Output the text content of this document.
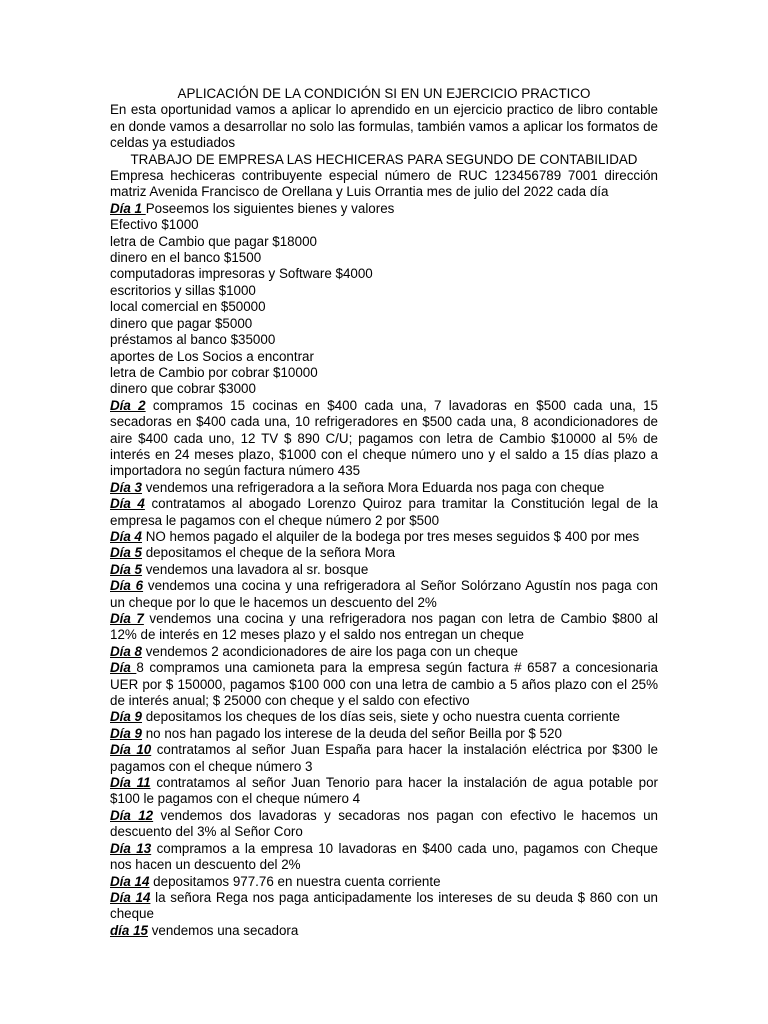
APLICACIÓN DE LA CONDICIÓN SI EN UN EJERCICIO PRACTICO

En esta oportunidad vamos a aplicar lo aprendido en un ejercicio practico de libro contable en donde vamos a desarrollar no solo las formulas, también vamos a aplicar los formatos de celdas ya estudiados

TRABAJO DE EMPRESA LAS HECHICERAS PARA SEGUNDO DE CONTABILIDAD

Empresa hechiceras contribuyente especial número de RUC 123456789 7001 dirección matriz Avenida Francisco de Orellana y Luis Orrantia mes de julio del 2022 cada día

Día 1 Poseemos los siguientes bienes y valores

Efectivo $1000

letra de Cambio que pagar $18000

dinero en el banco $1500

computadoras impresoras y Software $4000

escritorios y sillas $1000

local comercial en $50000

dinero que pagar $5000

préstamos al banco $35000

aportes de Los Socios a encontrar

letra de Cambio por cobrar $10000

dinero que cobrar $3000

Día 2 compramos 15 cocinas en $400 cada una, 7 lavadoras en $500 cada una, 15 secadoras en $400 cada una, 10 refrigeradores en $500 cada una, 8 acondicionadores de aire $400 cada uno, 12 TV $ 890 C/U; pagamos con letra de Cambio $10000 al 5% de interés en 24 meses plazo, $1000 con el cheque número uno y el saldo a 15 días plazo a importadora no según factura número 435

Día 3 vendemos una refrigeradora a la señora Mora Eduarda nos paga con cheque

Día 4 contratamos al abogado Lorenzo Quiroz para tramitar la Constitución legal de la empresa le pagamos con el cheque número 2 por $500

Día 4 NO hemos pagado el alquiler de la bodega por tres meses seguidos $ 400 por mes

Día 5 depositamos el cheque de la señora Mora

Día 5 vendemos una lavadora al sr. bosque

Día 6 vendemos una cocina y una refrigeradora al Señor Solórzano Agustín nos paga con un cheque por lo que le hacemos un descuento del 2%

Día 7 vendemos una cocina y una refrigeradora nos pagan con letra de Cambio $800 al 12% de interés en 12 meses plazo y el saldo nos entregan un cheque

Día 8 vendemos 2 acondicionadores de aire los paga con un cheque

Día 8 compramos una camioneta para la empresa según factura # 6587 a concesionaria UER por $ 150000, pagamos $100 000 con una letra de cambio a 5 años plazo con el 25% de interés anual; $ 25000 con cheque y el saldo con efectivo

Día 9 depositamos los cheques de los días seis, siete y ocho nuestra cuenta corriente

Día 9 no nos han pagado los interese de la deuda del señor Beilla por $ 520

Día 10 contratamos al señor Juan España para hacer la instalación eléctrica por $300 le pagamos con el cheque número 3

Día 11 contratamos al señor Juan Tenorio para hacer la instalación de agua potable por $100 le pagamos con el cheque número 4

Día 12 vendemos dos lavadoras y secadoras nos pagan con efectivo le hacemos un descuento del 3% al Señor Coro

Día 13 compramos a la empresa 10 lavadoras en $400 cada uno, pagamos con Cheque nos hacen un descuento del 2%

Día 14 depositamos 977.76 en nuestra cuenta corriente

Día 14 la señora Rega nos paga anticipadamente los intereses de su deuda $ 860 con un cheque

día 15 vendemos una secadora
